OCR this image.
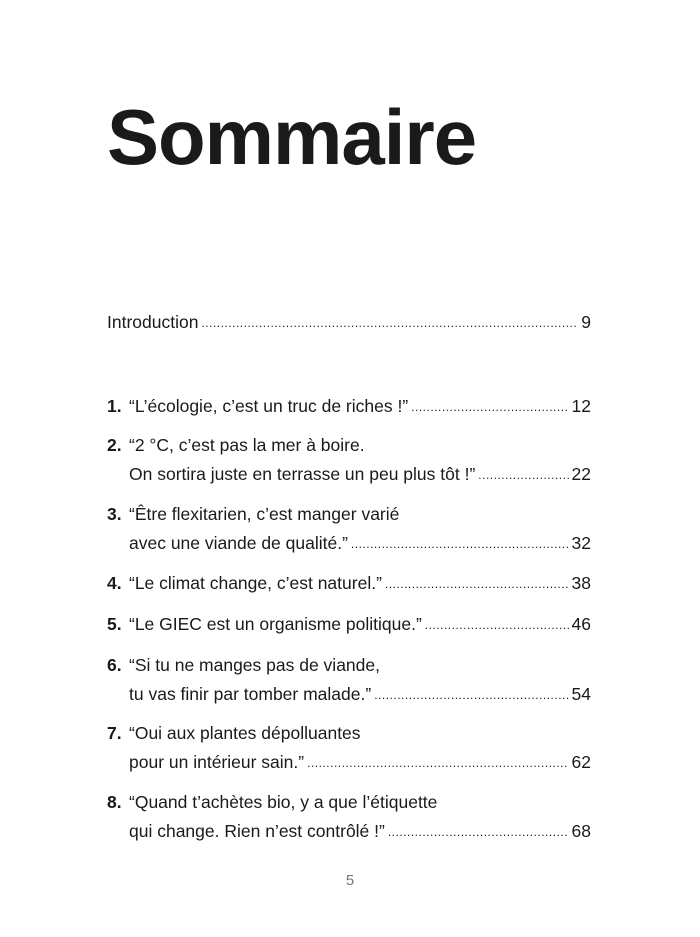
Sommaire
Introduction .....	9
1. “L’écologie, c’est un truc de riches !” .....	12
2. “2 °C, c’est pas la mer à boire.
On sortira juste en terrasse un peu plus tôt !” .....	22
3. “Être flexitarien, c’est manger varié
avec une viande de qualité.” .....	32
4. “Le climat change, c’est naturel.” .....	38
5. “Le GIEC est un organisme politique.” .....	46
6. “Si tu ne manges pas de viande,
tu vas finir par tomber malade.” .....	54
7. “Oui aux plantes dépolluantes
pour un intérieur sain.” .....	62
8. “Quand t’achètes bio, y a que l’étiquette
qui change. Rien n’est contrôlé !” .....	68
5
